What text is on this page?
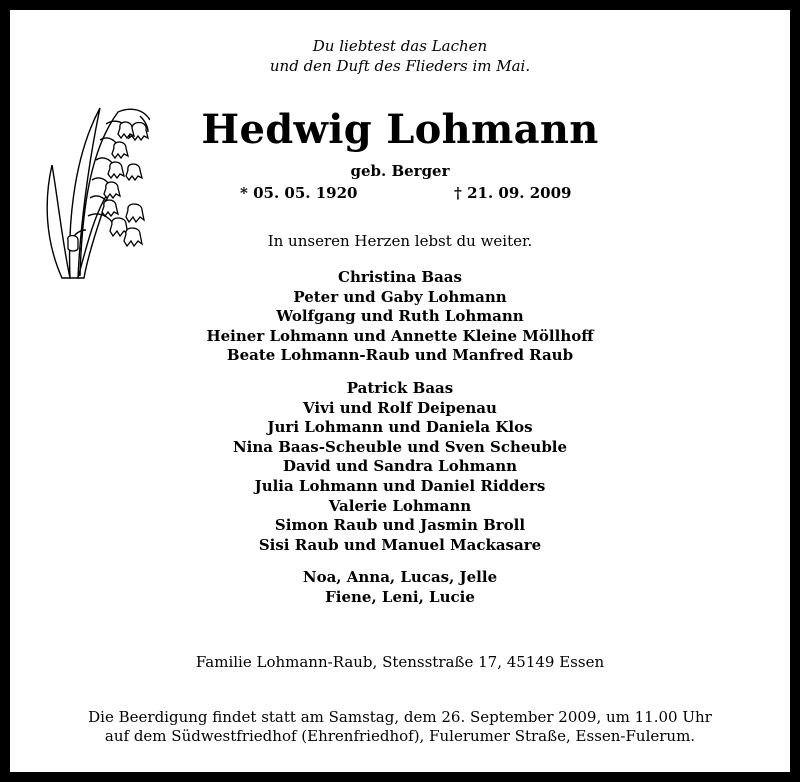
Du liebtest das Lachen
und den Duft des Flieders im Mai.
Hedwig Lohmann
geb. Berger
* 05. 05. 1920	† 21. 09. 2009
In unseren Herzen lebst du weiter.
Christina Baas
Peter und Gaby Lohmann
Wolfgang und Ruth Lohmann
Heiner Lohmann und Annette Kleine Möllhoff
Beate Lohmann-Raub und Manfred Raub
Patrick Baas
Vivi und Rolf Deipenau
Juri Lohmann und Daniela Klos
Nina Baas-Scheuble und Sven Scheuble
David und Sandra Lohmann
Julia Lohmann und Daniel Ridders
Valerie Lohmann
Simon Raub und Jasmin Broll
Sisi Raub und Manuel Mackasare
Noa, Anna, Lucas, Jelle
Fiene, Leni, Lucie
Familie Lohmann-Raub, Stensstraße 17, 45149 Essen
Die Beerdigung findet statt am Samstag, dem 26. September 2009, um 11.00 Uhr
auf dem Südwestfriedhof (Ehrenfriedhof), Fulerumer Straße, Essen-Fulerum.
